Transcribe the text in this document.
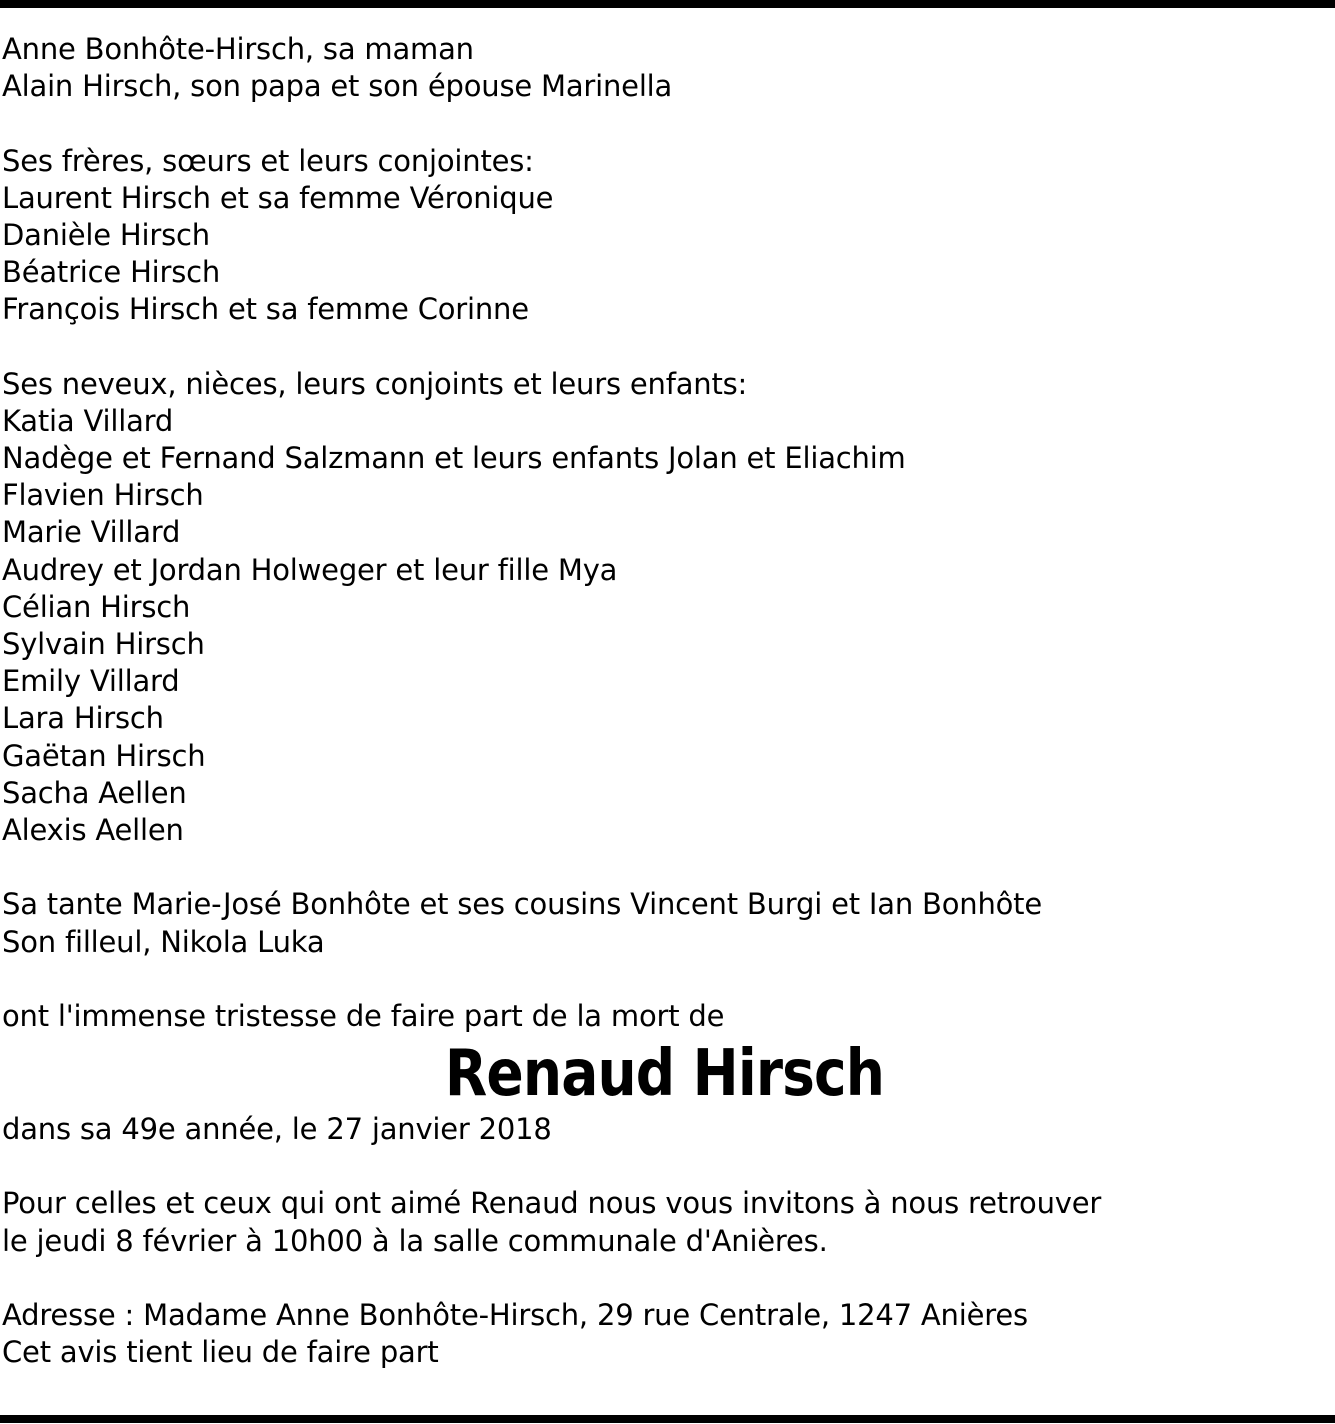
Anne Bonhôte-Hirsch, sa maman
Alain Hirsch, son papa et son épouse Marinella
Ses frères, sœurs et leurs conjointes:
Laurent Hirsch et sa femme Véronique
Danièle Hirsch
Béatrice Hirsch
François Hirsch et sa femme Corinne
Ses neveux, nièces, leurs conjoints et leurs enfants:
Katia Villard
Nadège et Fernand Salzmann et leurs enfants Jolan et Eliachim
Flavien Hirsch
Marie Villard
Audrey et Jordan Holweger et leur fille Mya
Célian Hirsch
Sylvain Hirsch
Emily Villard
Lara Hirsch
Gaëtan Hirsch
Sacha Aellen
Alexis Aellen
Sa tante Marie-José Bonhôte et ses cousins Vincent Burgi et Ian Bonhôte
Son filleul, Nikola Luka
ont l'immense tristesse de faire part de la mort de
Renaud Hirsch
dans sa 49e année, le 27 janvier 2018
Pour celles et ceux qui ont aimé Renaud nous vous invitons à nous retrouver
le jeudi 8 février à 10h00 à la salle communale d'Anières.
Adresse : Madame Anne Bonhôte-Hirsch, 29 rue Centrale, 1247 Anières
Cet avis tient lieu de faire part
